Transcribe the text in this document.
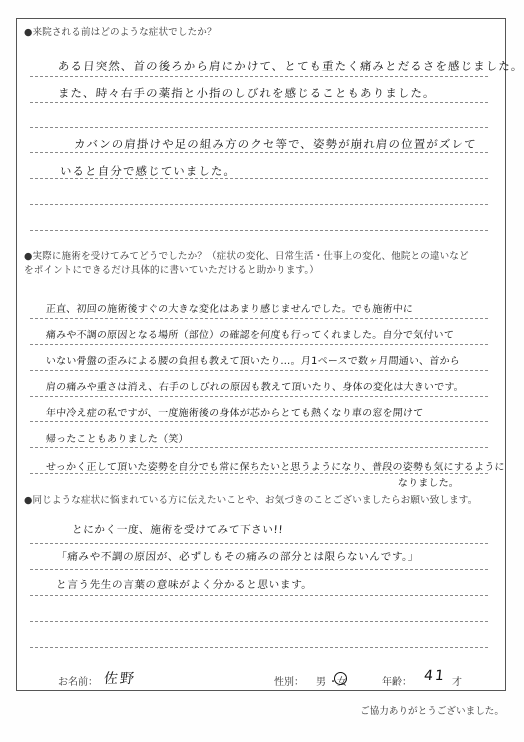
●来院される前はどのような症状でしたか？
ある日突然、首の後ろから肩にかけて、とても重たく痛みとだるさを感じました。
また、時々右手の薬指と小指のしびれを感じることもありました。
カバンの肩掛けや足の組み方のクセ等で、姿勢が崩れ肩の位置がズレて
いると自分で感じていました。
●実際に施術を受けてみてどうでしたか？（症状の変化、日常生活・仕事上の変化、他院との違いなど
をポイントにできるだけ具体的に書いていただけると助かります。）
正直、初回の施術後すぐの大きな変化はあまり感じませんでした。でも施術中に
痛みや不調の原因となる場所（部位）の確認を何度も行ってくれました。自分で気付いて
いない骨盤の歪みによる腰の負担も教えて頂いたり…。月1ペースで数ヶ月間通い、首から
肩の痛みや重さは消え、右手のしびれの原因も教えて頂いたり、身体の変化は大きいです。
年中冷え症の私ですが、一度施術後の身体が芯からとても熱くなり車の窓を開けて
帰ったこともありました（笑）
せっかく正して頂いた姿勢を自分でも常に保ちたいと思うようになり、普段の姿勢も気にするように
なりました。
●同じような症状に悩まれている方に伝えたいことや、お気づきのことございましたらお願い致します。
とにかく一度、施術を受けてみて下さい!!
「痛みや不調の原因が、必ずしもその痛みの部分とは限らないんです。」
と言う先生の言葉の意味がよく分かると思います。
お名前： 佐野	性別： 男 ・ 女	年齢： 41 才
ご協力ありがとうございました。
